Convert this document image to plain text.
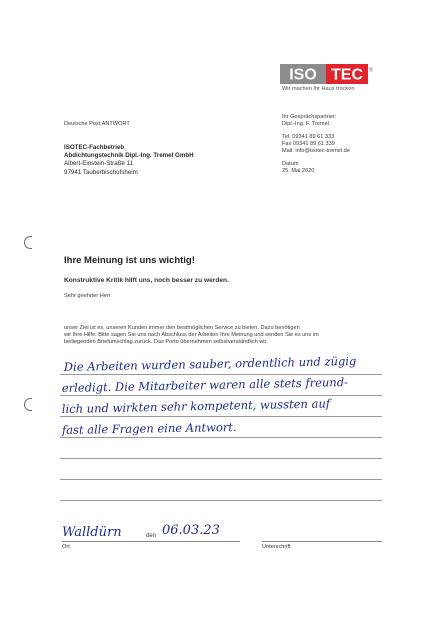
ISO TEC ®
Wir machen Ihr Haus trocken

Ihr Gesprächspartner:

Dipl.-Ing. F. Tremel

Tel. 09341 89 61 333

Fax 09341 89 61 339

Mail: info@isotec-tremel.de

Datum

25. Mai 2020

Deutsche Post ANTWORT

ISOTEC-Fachbetrieb

Abdichtungstechnik Dipl.-Ing. Tremel GmbH

Albert-Einstein-Straße 11

97941 Tauberbischofsheim

Ihre Meinung ist uns wichtig!
Konstruktive Kritik hilft uns, noch besser zu werden.
Sehr geehrter Herr

unser Ziel ist es, unseren Kunden immer den bestmöglichen Service zu bieten. Dazu benötigen

wir Ihre Hilfe: Bitte sagen Sie uns nach Abschluss der Arbeiten Ihre Meinung und senden Sie es uns im

beiliegenden Briefumschlag zurück. Das Porto übernehmen selbstverständlich wir.

Die Arbeiten wurden sauber, ordentlich und zügig
erledigt. Die Mitarbeiter waren alle stets freund-
lich und wirkten sehr kompetent, wussten auf
fast alle Fragen eine Antwort.
Walldürn	den 06.03.23
Ort	Unterschrift
